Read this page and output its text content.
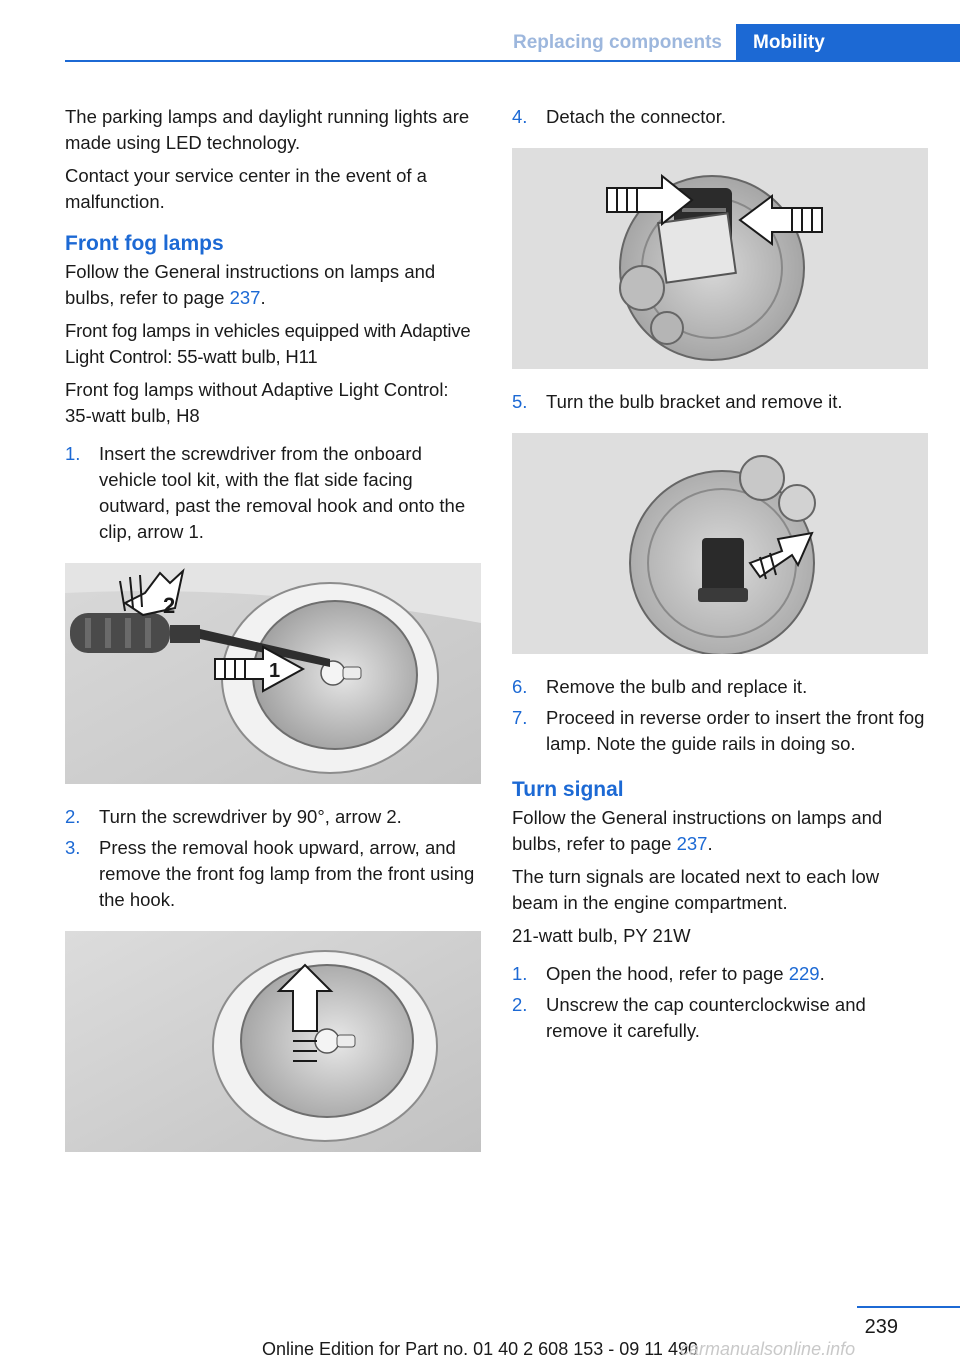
Replacing components	Mobility

The parking lamps and daylight running lights are made using LED technology.

Contact your service center in the event of a malfunction.

Front fog lamps

Follow the General instructions on lamps and bulbs, refer to page 237.

Front fog lamps in vehicles equipped with Adaptive Light Control: 55‑watt bulb, H11

Front fog lamps without Adaptive Light Control: 35‑watt bulb, H8

1. Insert the screwdriver from the onboard vehicle tool kit, with the flat side facing outward, past the removal hook and onto the clip, arrow 1.
2
1
2. Turn the screwdriver by 90°, arrow 2.
3. Press the removal hook upward, arrow, and remove the front fog lamp from the front using the hook.
4. Detach the connector.
5. Turn the bulb bracket and remove it.
6. Remove the bulb and replace it.
7. Proceed in reverse order to insert the front fog lamp. Note the guide rails in doing so.
Turn signal

Follow the General instructions on lamps and bulbs, refer to page 237.

The turn signals are located next to each low beam in the engine compartment.

21‑watt bulb, PY 21W

1. Open the hood, refer to page 229.
2. Unscrew the cap counterclockwise and remove it carefully.
239
Online Edition for Part no. 01 40 2 608 153 - 09 11 490
carmanualsonline.info
